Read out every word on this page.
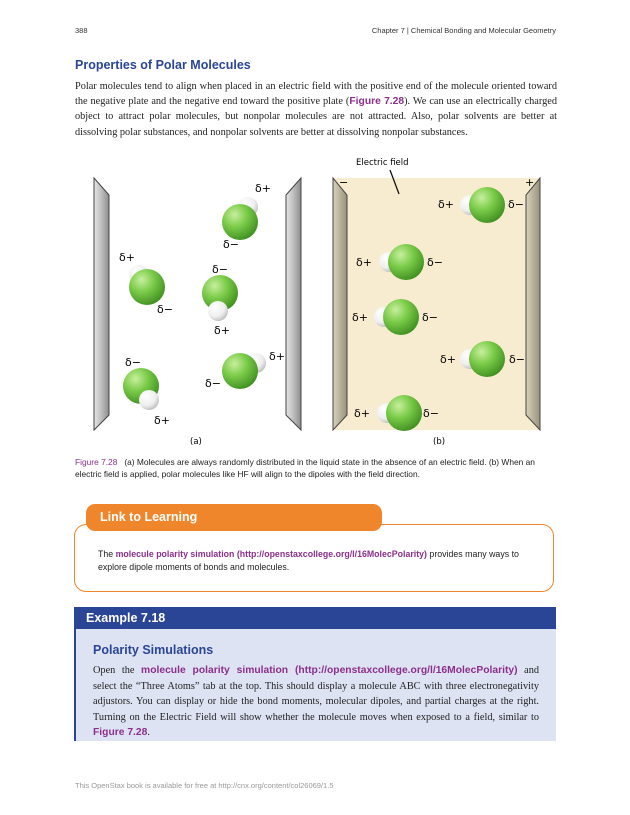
388	Chapter 7 | Chemical Bonding and Molecular Geometry
Properties of Polar Molecules

Polar molecules tend to align when placed in an electric field with the positive end of the molecule oriented toward the negative plate and the negative end toward the positive plate (Figure 7.28). We can use an electrically charged object to attract polar molecules, but nonpolar molecules are not attracted. Also, polar solvents are better at dissolving polar substances, and nonpolar solvents are better at dissolving nonpolar substances.

−	+
Electric field
δ+
δ−
δ+
δ−
δ−
δ+
δ+
δ−
δ−
δ+
δ+	δ−
δ+	δ−
δ+	δ−
δ+	δ−
δ+	δ−
(a)	(b)

Figure 7.28 (a) Molecules are always randomly distributed in the liquid state in the absence of an electric field. (b) When an electric field is applied, polar molecules like HF will align to the dipoles with the field direction.

Link to Learning

The molecule polarity simulation (http://openstaxcollege.org/l/16MolecPolarity) provides many ways to explore dipole moments of bonds and molecules.

Example 7.18
Polarity Simulations

Open the molecule polarity simulation (http://openstaxcollege.org/l/16MolecPolarity) and select the “Three Atoms” tab at the top. This should display a molecule ABC with three electronegativity adjustors. You can display or hide the bond moments, molecular dipoles, and partial charges at the right. Turning on the Electric Field will show whether the molecule moves when exposed to a field, similar to Figure 7.28.

This OpenStax book is available for free at http://cnx.org/content/col26069/1.5
